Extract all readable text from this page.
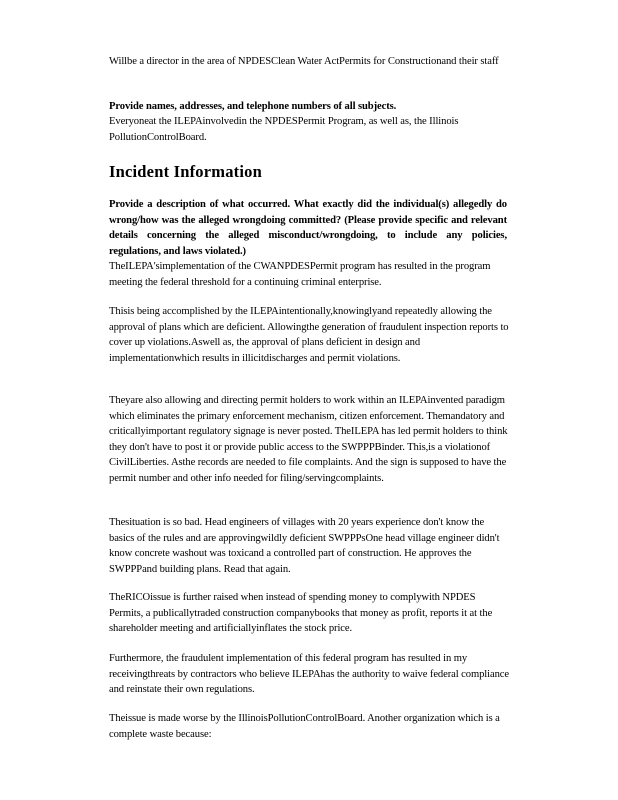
Willbe a director in the area of NPDESClean Water ActPermits for Constructionand their staff

Provide names, addresses, and telephone numbers of all subjects.

Everyoneat the ILEPAinvolvedin the NPDESPermit Program, as well as, the Illinois PollutionControlBoard.

Incident Information

Provide a description of what occurred. What exactly did the individual(s) allegedly do wrong/how was the alleged wrongdoing committed? (Please provide specific and relevant details concerning the alleged misconduct/wrongdoing, to include any policies, regulations, and laws violated.)

TheILEPA'simplementation of the CWANPDESPermit program has resulted in the program meeting the federal threshold for a continuing criminal enterprise.

Thisis being accomplished by the ILEPAintentionally,knowinglyand repeatedly allowing the approval of plans which are deficient. Allowingthe generation of fraudulent inspection reports to cover up violations.Aswell as, the approval of plans deficient in design and implementationwhich results in illicitdischarges and permit violations.

Theyare also allowing and directing permit holders to work within an ILEPAinvented paradigm which eliminates the primary enforcement mechanism, citizen enforcement. Themandatory and criticallyimportant regulatory signage is never posted. TheILEPA has led permit holders to think they don't have to post it or provide public access to the SWPPPBinder. This,is a violationof CivilLiberties. Asthe records are needed to file complaints. And the sign is supposed to have the permit number and other info needed for filing/servingcomplaints.

Thesituation is so bad. Head engineers of villages with 20 years experience don't know the basics of the rules and are approvingwildly deficient SWPPPsOne head village engineer didn't know concrete washout was toxicand a controlled part of construction. He approves the SWPPPand building plans. Read that again.

TheRICOissue is further raised when instead of spending money to complywith NPDES Permits, a publicallytraded construction companybooks that money as profit, reports it at the shareholder meeting and artificiallyinflates the stock price.

Furthermore, the fraudulent implementation of this federal program has resulted in my receivingthreats by contractors who believe ILEPAhas the authority to waive federal compliance and reinstate their own regulations.

Theissue is made worse by the IllinoisPollutionControlBoard. Another organization which is a complete waste because:
